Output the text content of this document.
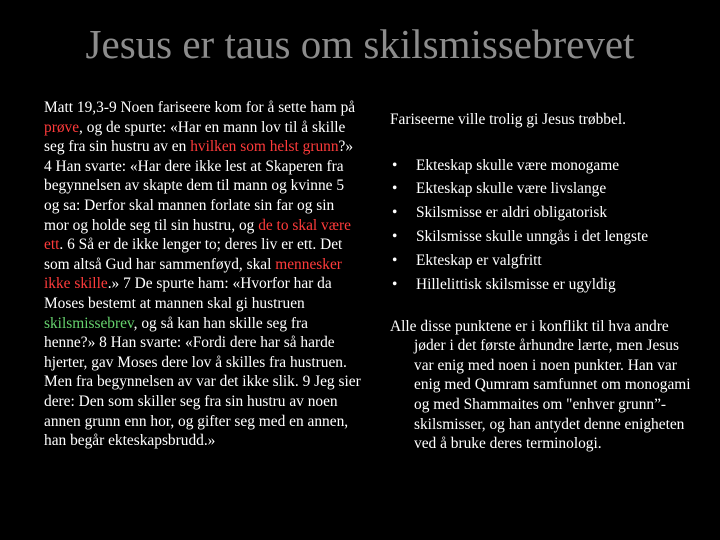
Jesus er taus om skilsmissebrevet
Matt 19,3-9 Noen fariseere kom for å sette ham på prøve, og de spurte: «Har en mann lov til å skille seg fra sin hustru av en hvilken som helst grunn?» 4 Han svarte: «Har dere ikke lest at Skaperen fra begynnelsen av skapte dem til mann og kvinne 5 og sa: Derfor skal mannen forlate sin far og sin mor og holde seg til sin hustru, og de to skal være ett. 6 Så er de ikke lenger to; deres liv er ett. Det som altså Gud har sammenføyd, skal mennesker ikke skille.» 7 De spurte ham: «Hvorfor har da Moses bestemt at mannen skal gi hustruen skilsmissebrev, og så kan han skille seg fra henne?» 8 Han svarte: «Fordi dere har så harde hjerter, gav Moses dere lov å skilles fra hustruen. Men fra begynnelsen av var det ikke slik. 9 Jeg sier dere: Den som skiller seg fra sin hustru av noen annen grunn enn hor, og gifter seg med en annen, han begår ekteskapsbrudd.»
Fariseerne ville trolig gi Jesus trøbbel.
• Ekteskap skulle være monogame
• Ekteskap skulle være livslange
• Skilsmisse er aldri obligatorisk
• Skilsmisse skulle unngås i det lengste
• Ekteskap er valgfritt
• Hillelittisk skilsmisse er ugyldig
Alle disse punktene er i konflikt til hva andre jøder i det første århundre lærte, men Jesus var enig med noen i noen punkter. Han var enig med Qumram samfunnet om monogami og med Shammaites om "enhver grunn”-skilsmisser, og han antydet denne enigheten ved å bruke deres terminologi.
